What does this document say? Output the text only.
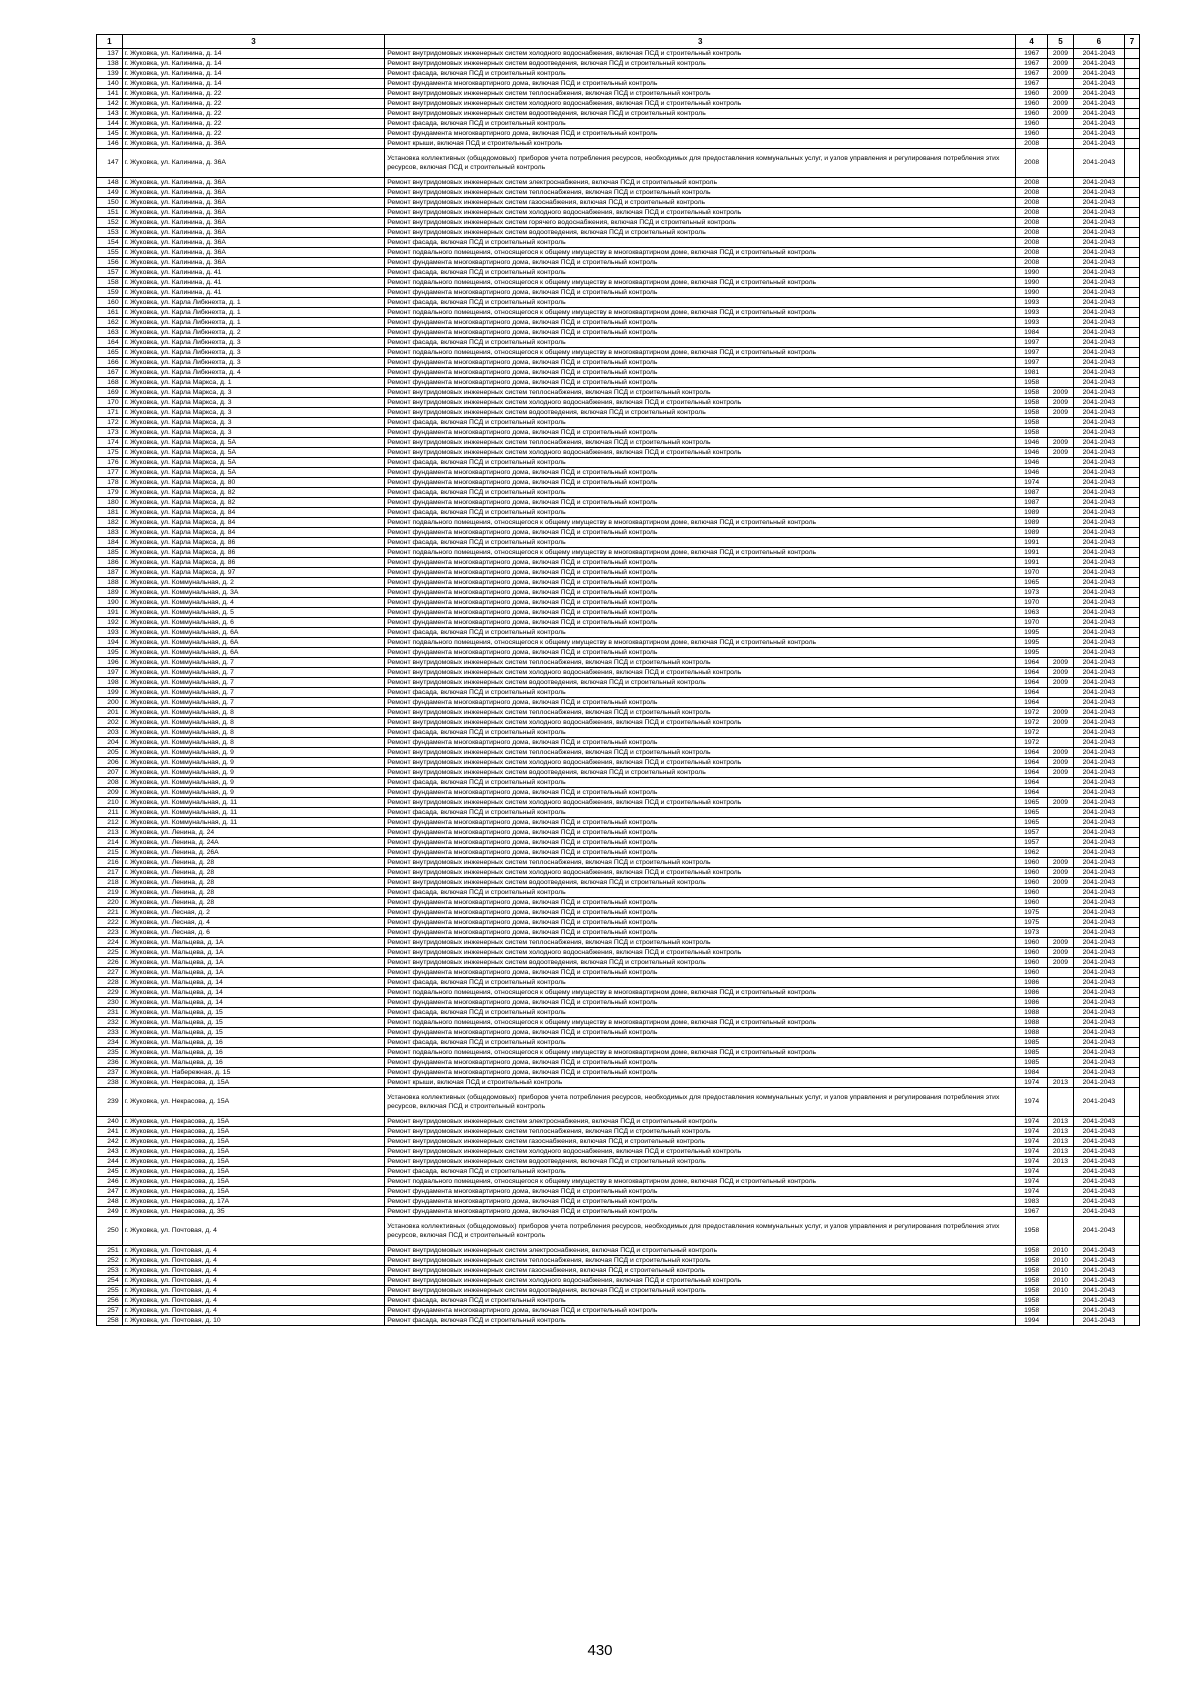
1	3	3	4	5	6	7
137	г. Жуковка, ул. Калинина, д. 14	Ремонт внутридомовых инженерных систем холодного водоснабжения, включая ПСД и строительный контроль	1967	2009	2041-2043	
138	г. Жуковка, ул. Калинина, д. 14	Ремонт внутридомовых инженерных систем водоотведения, включая ПСД и строительный контроль	1967	2009	2041-2043	
139	г. Жуковка, ул. Калинина, д. 14	Ремонт фасада, включая ПСД и строительный контроль	1967	2009	2041-2043	
140	г. Жуковка, ул. Калинина, д. 14	Ремонт фундамента многоквартирного дома, включая ПСД и строительный контроль	1967		2041-2043	
141	г. Жуковка, ул. Калинина, д. 22	Ремонт внутридомовых инженерных систем теплоснабжения, включая ПСД и строительный контроль	1960	2009	2041-2043	
142	г. Жуковка, ул. Калинина, д. 22	Ремонт внутридомовых инженерных систем холодного водоснабжения, включая ПСД и строительный контроль	1960	2009	2041-2043	
143	г. Жуковка, ул. Калинина, д. 22	Ремонт внутридомовых инженерных систем водоотведения, включая ПСД и строительный контроль	1960	2009	2041-2043	
144	г. Жуковка, ул. Калинина, д. 22	Ремонт фасада, включая ПСД и строительный контроль	1960		2041-2043	
145	г. Жуковка, ул. Калинина, д. 22	Ремонт фундамента многоквартирного дома, включая ПСД и строительный контроль	1960		2041-2043	
146	г. Жуковка, ул. Калинина, д. 36А	Ремонт крыши, включая ПСД и строительный контроль	2008		2041-2043	
147	г. Жуковка, ул. Калинина, д. 36А	Установка коллективных (общедомовых) приборов учета потребления ресурсов, необходимых для предоставления коммунальных услуг, и узлов управления и регулирования потребления этих ресурсов, включая ПСД и строительный контроль	2008		2041-2043	
148	г. Жуковка, ул. Калинина, д. 36А	Ремонт внутридомовых инженерных систем электроснабжения, включая ПСД и строительный контроль	2008		2041-2043	
149	г. Жуковка, ул. Калинина, д. 36А	Ремонт внутридомовых инженерных систем теплоснабжения, включая ПСД и строительный контроль	2008		2041-2043	
150	г. Жуковка, ул. Калинина, д. 36А	Ремонт внутридомовых инженерных систем газоснабжения, включая ПСД и строительный контроль	2008		2041-2043	
151	г. Жуковка, ул. Калинина, д. 36А	Ремонт внутридомовых инженерных систем холодного водоснабжения, включая ПСД и строительный контроль	2008		2041-2043	
152	г. Жуковка, ул. Калинина, д. 36А	Ремонт внутридомовых инженерных систем горячего водоснабжения, включая ПСД и строительный контроль	2008		2041-2043	
153	г. Жуковка, ул. Калинина, д. 36А	Ремонт внутридомовых инженерных систем водоотведения, включая ПСД и строительный контроль	2008		2041-2043	
154	г. Жуковка, ул. Калинина, д. 36А	Ремонт фасада, включая ПСД и строительный контроль	2008		2041-2043	
155	г. Жуковка, ул. Калинина, д. 36А	Ремонт подвального помещения, относящегося к общему имуществу в многоквартирном доме, включая ПСД и строительный контроль	2008		2041-2043	
156	г. Жуковка, ул. Калинина, д. 36А	Ремонт фундамента многоквартирного дома, включая ПСД и строительный контроль	2008		2041-2043	
157	г. Жуковка, ул. Калинина, д. 41	Ремонт фасада, включая ПСД и строительный контроль	1990		2041-2043	
158	г. Жуковка, ул. Калинина, д. 41	Ремонт подвального помещения, относящегося к общему имуществу в многоквартирном доме, включая ПСД и строительный контроль	1990		2041-2043	
159	г. Жуковка, ул. Калинина, д. 41	Ремонт фундамента многоквартирного дома, включая ПСД и строительный контроль	1990		2041-2043	
160	г. Жуковка, ул. Карла Либкнехта, д. 1	Ремонт фасада, включая ПСД и строительный контроль	1993		2041-2043	
161	г. Жуковка, ул. Карла Либкнехта, д. 1	Ремонт подвального помещения, относящегося к общему имуществу в многоквартирном доме, включая ПСД и строительный контроль	1993		2041-2043	
162	г. Жуковка, ул. Карла Либкнехта, д. 1	Ремонт фундамента многоквартирного дома, включая ПСД и строительный контроль	1993		2041-2043	
163	г. Жуковка, ул. Карла Либкнехта, д. 2	Ремонт фундамента многоквартирного дома, включая ПСД и строительный контроль	1984		2041-2043	
164	г. Жуковка, ул. Карла Либкнехта, д. 3	Ремонт фасада, включая ПСД и строительный контроль	1997		2041-2043	
165	г. Жуковка, ул. Карла Либкнехта, д. 3	Ремонт подвального помещения, относящегося к общему имуществу в многоквартирном доме, включая ПСД и строительный контроль	1997		2041-2043	
166	г. Жуковка, ул. Карла Либкнехта, д. 3	Ремонт фундамента многоквартирного дома, включая ПСД и строительный контроль	1997		2041-2043	
167	г. Жуковка, ул. Карла Либкнехта, д. 4	Ремонт фундамента многоквартирного дома, включая ПСД и строительный контроль	1981		2041-2043	
168	г. Жуковка, ул. Карла Маркса, д. 1	Ремонт фундамента многоквартирного дома, включая ПСД и строительный контроль	1958		2041-2043	
169	г. Жуковка, ул. Карла Маркса, д. 3	Ремонт внутридомовых инженерных систем теплоснабжения, включая ПСД и строительный контроль	1958	2009	2041-2043	
170	г. Жуковка, ул. Карла Маркса, д. 3	Ремонт внутридомовых инженерных систем холодного водоснабжения, включая ПСД и строительный контроль	1958	2009	2041-2043	
171	г. Жуковка, ул. Карла Маркса, д. 3	Ремонт внутридомовых инженерных систем водоотведения, включая ПСД и строительный контроль	1958	2009	2041-2043	
172	г. Жуковка, ул. Карла Маркса, д. 3	Ремонт фасада, включая ПСД и строительный контроль	1958		2041-2043	
173	г. Жуковка, ул. Карла Маркса, д. 3	Ремонт фундамента многоквартирного дома, включая ПСД и строительный контроль	1958		2041-2043	
174	г. Жуковка, ул. Карла Маркса, д. 5А	Ремонт внутридомовых инженерных систем теплоснабжения, включая ПСД и строительный контроль	1946	2009	2041-2043	
175	г. Жуковка, ул. Карла Маркса, д. 5А	Ремонт внутридомовых инженерных систем холодного водоснабжения, включая ПСД и строительный контроль	1946	2009	2041-2043	
176	г. Жуковка, ул. Карла Маркса, д. 5А	Ремонт фасада, включая ПСД и строительный контроль	1946		2041-2043	
177	г. Жуковка, ул. Карла Маркса, д. 5А	Ремонт фундамента многоквартирного дома, включая ПСД и строительный контроль	1946		2041-2043	
178	г. Жуковка, ул. Карла Маркса, д. 80	Ремонт фундамента многоквартирного дома, включая ПСД и строительный контроль	1974		2041-2043	
179	г. Жуковка, ул. Карла Маркса, д. 82	Ремонт фасада, включая ПСД и строительный контроль	1987		2041-2043	
180	г. Жуковка, ул. Карла Маркса, д. 82	Ремонт фундамента многоквартирного дома, включая ПСД и строительный контроль	1987		2041-2043	
181	г. Жуковка, ул. Карла Маркса, д. 84	Ремонт фасада, включая ПСД и строительный контроль	1989		2041-2043	
182	г. Жуковка, ул. Карла Маркса, д. 84	Ремонт подвального помещения, относящегося к общему имуществу в многоквартирном доме, включая ПСД и строительный контроль	1989		2041-2043	
183	г. Жуковка, ул. Карла Маркса, д. 84	Ремонт фундамента многоквартирного дома, включая ПСД и строительный контроль	1989		2041-2043	
184	г. Жуковка, ул. Карла Маркса, д. 86	Ремонт фасада, включая ПСД и строительный контроль	1991		2041-2043	
185	г. Жуковка, ул. Карла Маркса, д. 86	Ремонт подвального помещения, относящегося к общему имуществу в многоквартирном доме, включая ПСД и строительный контроль	1991		2041-2043	
186	г. Жуковка, ул. Карла Маркса, д. 86	Ремонт фундамента многоквартирного дома, включая ПСД и строительный контроль	1991		2041-2043	
187	г. Жуковка, ул. Карла Маркса, д. 97	Ремонт фундамента многоквартирного дома, включая ПСД и строительный контроль	1970		2041-2043	
188	г. Жуковка, ул. Коммунальная, д. 2	Ремонт фундамента многоквартирного дома, включая ПСД и строительный контроль	1965		2041-2043	
189	г. Жуковка, ул. Коммунальная, д. 3А	Ремонт фундамента многоквартирного дома, включая ПСД и строительный контроль	1973		2041-2043	
190	г. Жуковка, ул. Коммунальная, д. 4	Ремонт фундамента многоквартирного дома, включая ПСД и строительный контроль	1970		2041-2043	
191	г. Жуковка, ул. Коммунальная, д. 5	Ремонт фундамента многоквартирного дома, включая ПСД и строительный контроль	1963		2041-2043	
192	г. Жуковка, ул. Коммунальная, д. 6	Ремонт фундамента многоквартирного дома, включая ПСД и строительный контроль	1970		2041-2043	
193	г. Жуковка, ул. Коммунальная, д. 6А	Ремонт фасада, включая ПСД и строительный контроль	1995		2041-2043	
194	г. Жуковка, ул. Коммунальная, д. 6А	Ремонт подвального помещения, относящегося к общему имуществу в многоквартирном доме, включая ПСД и строительный контроль	1995		2041-2043	
195	г. Жуковка, ул. Коммунальная, д. 6А	Ремонт фундамента многоквартирного дома, включая ПСД и строительный контроль	1995		2041-2043	
196	г. Жуковка, ул. Коммунальная, д. 7	Ремонт внутридомовых инженерных систем теплоснабжения, включая ПСД и строительный контроль	1964	2009	2041-2043	
197	г. Жуковка, ул. Коммунальная, д. 7	Ремонт внутридомовых инженерных систем холодного водоснабжения, включая ПСД и строительный контроль	1964	2009	2041-2043	
198	г. Жуковка, ул. Коммунальная, д. 7	Ремонт внутридомовых инженерных систем водоотведения, включая ПСД и строительный контроль	1964	2009	2041-2043	
199	г. Жуковка, ул. Коммунальная, д. 7	Ремонт фасада, включая ПСД и строительный контроль	1964		2041-2043	
200	г. Жуковка, ул. Коммунальная, д. 7	Ремонт фундамента многоквартирного дома, включая ПСД и строительный контроль	1964		2041-2043	
201	г. Жуковка, ул. Коммунальная, д. 8	Ремонт внутридомовых инженерных систем теплоснабжения, включая ПСД и строительный контроль	1972	2009	2041-2043	
202	г. Жуковка, ул. Коммунальная, д. 8	Ремонт внутридомовых инженерных систем холодного водоснабжения, включая ПСД и строительный контроль	1972	2009	2041-2043	
203	г. Жуковка, ул. Коммунальная, д. 8	Ремонт фасада, включая ПСД и строительный контроль	1972		2041-2043	
204	г. Жуковка, ул. Коммунальная, д. 8	Ремонт фундамента многоквартирного дома, включая ПСД и строительный контроль	1972		2041-2043	
205	г. Жуковка, ул. Коммунальная, д. 9	Ремонт внутридомовых инженерных систем теплоснабжения, включая ПСД и строительный контроль	1964	2009	2041-2043	
206	г. Жуковка, ул. Коммунальная, д. 9	Ремонт внутридомовых инженерных систем холодного водоснабжения, включая ПСД и строительный контроль	1964	2009	2041-2043	
207	г. Жуковка, ул. Коммунальная, д. 9	Ремонт внутридомовых инженерных систем водоотведения, включая ПСД и строительный контроль	1964	2009	2041-2043	
208	г. Жуковка, ул. Коммунальная, д. 9	Ремонт фасада, включая ПСД и строительный контроль	1964		2041-2043	
209	г. Жуковка, ул. Коммунальная, д. 9	Ремонт фундамента многоквартирного дома, включая ПСД и строительный контроль	1964		2041-2043	
210	г. Жуковка, ул. Коммунальная, д. 11	Ремонт внутридомовых инженерных систем холодного водоснабжения, включая ПСД и строительный контроль	1965	2009	2041-2043	
211	г. Жуковка, ул. Коммунальная, д. 11	Ремонт фасада, включая ПСД и строительный контроль	1965		2041-2043	
212	г. Жуковка, ул. Коммунальная, д. 11	Ремонт фундамента многоквартирного дома, включая ПСД и строительный контроль	1965		2041-2043	
213	г. Жуковка, ул. Ленина, д. 24	Ремонт фундамента многоквартирного дома, включая ПСД и строительный контроль	1957		2041-2043	
214	г. Жуковка, ул. Ленина, д. 24А	Ремонт фундамента многоквартирного дома, включая ПСД и строительный контроль	1957		2041-2043	
215	г. Жуковка, ул. Ленина, д. 26А	Ремонт фундамента многоквартирного дома, включая ПСД и строительный контроль	1962		2041-2043	
216	г. Жуковка, ул. Ленина, д. 28	Ремонт внутридомовых инженерных систем теплоснабжения, включая ПСД и строительный контроль	1960	2009	2041-2043	
217	г. Жуковка, ул. Ленина, д. 28	Ремонт внутридомовых инженерных систем холодного водоснабжения, включая ПСД и строительный контроль	1960	2009	2041-2043	
218	г. Жуковка, ул. Ленина, д. 28	Ремонт внутридомовых инженерных систем водоотведения, включая ПСД и строительный контроль	1960	2009	2041-2043	
219	г. Жуковка, ул. Ленина, д. 28	Ремонт фасада, включая ПСД и строительный контроль	1960		2041-2043	
220	г. Жуковка, ул. Ленина, д. 28	Ремонт фундамента многоквартирного дома, включая ПСД и строительный контроль	1960		2041-2043	
221	г. Жуковка, ул. Лесная, д. 2	Ремонт фундамента многоквартирного дома, включая ПСД и строительный контроль	1975		2041-2043	
222	г. Жуковка, ул. Лесная, д. 4	Ремонт фундамента многоквартирного дома, включая ПСД и строительный контроль	1975		2041-2043	
223	г. Жуковка, ул. Лесная, д. 6	Ремонт фундамента многоквартирного дома, включая ПСД и строительный контроль	1973		2041-2043	
224	г. Жуковка, ул. Мальцева, д. 1А	Ремонт внутридомовых инженерных систем теплоснабжения, включая ПСД и строительный контроль	1960	2009	2041-2043	
225	г. Жуковка, ул. Мальцева, д. 1А	Ремонт внутридомовых инженерных систем холодного водоснабжения, включая ПСД и строительный контроль	1960	2009	2041-2043	
226	г. Жуковка, ул. Мальцева, д. 1А	Ремонт внутридомовых инженерных систем водоотведения, включая ПСД и строительный контроль	1960	2009	2041-2043	
227	г. Жуковка, ул. Мальцева, д. 1А	Ремонт фундамента многоквартирного дома, включая ПСД и строительный контроль	1960		2041-2043	
228	г. Жуковка, ул. Мальцева, д. 14	Ремонт фасада, включая ПСД и строительный контроль	1986		2041-2043	
229	г. Жуковка, ул. Мальцева, д. 14	Ремонт подвального помещения, относящегося к общему имуществу в многоквартирном доме, включая ПСД и строительный контроль	1986		2041-2043	
230	г. Жуковка, ул. Мальцева, д. 14	Ремонт фундамента многоквартирного дома, включая ПСД и строительный контроль	1986		2041-2043	
231	г. Жуковка, ул. Мальцева, д. 15	Ремонт фасада, включая ПСД и строительный контроль	1988		2041-2043	
232	г. Жуковка, ул. Мальцева, д. 15	Ремонт подвального помещения, относящегося к общему имуществу в многоквартирном доме, включая ПСД и строительный контроль	1988		2041-2043	
233	г. Жуковка, ул. Мальцева, д. 15	Ремонт фундамента многоквартирного дома, включая ПСД и строительный контроль	1988		2041-2043	
234	г. Жуковка, ул. Мальцева, д. 16	Ремонт фасада, включая ПСД и строительный контроль	1985		2041-2043	
235	г. Жуковка, ул. Мальцева, д. 16	Ремонт подвального помещения, относящегося к общему имуществу в многоквартирном доме, включая ПСД и строительный контроль	1985		2041-2043	
236	г. Жуковка, ул. Мальцева, д. 16	Ремонт фундамента многоквартирного дома, включая ПСД и строительный контроль	1985		2041-2043	
237	г. Жуковка, ул. Набережная, д. 15	Ремонт фундамента многоквартирного дома, включая ПСД и строительный контроль	1984		2041-2043	
238	г. Жуковка, ул. Некрасова, д. 15А	Ремонт крыши, включая ПСД и строительный контроль	1974	2013	2041-2043	
239	г. Жуковка, ул. Некрасова, д. 15А	Установка коллективных (общедомовых) приборов учета потребления ресурсов, необходимых для предоставления коммунальных услуг, и узлов управления и регулирования потребления этих ресурсов, включая ПСД и строительный контроль	1974		2041-2043	
240	г. Жуковка, ул. Некрасова, д. 15А	Ремонт внутридомовых инженерных систем электроснабжения, включая ПСД и строительный контроль	1974	2013	2041-2043	
241	г. Жуковка, ул. Некрасова, д. 15А	Ремонт внутридомовых инженерных систем теплоснабжения, включая ПСД и строительный контроль	1974	2013	2041-2043	
242	г. Жуковка, ул. Некрасова, д. 15А	Ремонт внутридомовых инженерных систем газоснабжения, включая ПСД и строительный контроль	1974	2013	2041-2043	
243	г. Жуковка, ул. Некрасова, д. 15А	Ремонт внутридомовых инженерных систем холодного водоснабжения, включая ПСД и строительный контроль	1974	2013	2041-2043	
244	г. Жуковка, ул. Некрасова, д. 15А	Ремонт внутридомовых инженерных систем водоотведения, включая ПСД и строительный контроль	1974	2013	2041-2043	
245	г. Жуковка, ул. Некрасова, д. 15А	Ремонт фасада, включая ПСД и строительный контроль	1974		2041-2043	
246	г. Жуковка, ул. Некрасова, д. 15А	Ремонт подвального помещения, относящегося к общему имуществу в многоквартирном доме, включая ПСД и строительный контроль	1974		2041-2043	
247	г. Жуковка, ул. Некрасова, д. 15А	Ремонт фундамента многоквартирного дома, включая ПСД и строительный контроль	1974		2041-2043	
248	г. Жуковка, ул. Некрасова, д. 17А	Ремонт фундамента многоквартирного дома, включая ПСД и строительный контроль	1983		2041-2043	
249	г. Жуковка, ул. Некрасова, д. 35	Ремонт фундамента многоквартирного дома, включая ПСД и строительный контроль	1967		2041-2043	
250	г. Жуковка, ул. Почтовая, д. 4	Установка коллективных (общедомовых) приборов учета потребления ресурсов, необходимых для предоставления коммунальных услуг, и узлов управления и регулирования потребления этих ресурсов, включая ПСД и строительный контроль	1958		2041-2043	
251	г. Жуковка, ул. Почтовая, д. 4	Ремонт внутридомовых инженерных систем электроснабжения, включая ПСД и строительный контроль	1958	2010	2041-2043	
252	г. Жуковка, ул. Почтовая, д. 4	Ремонт внутридомовых инженерных систем теплоснабжения, включая ПСД и строительный контроль	1958	2010	2041-2043	
253	г. Жуковка, ул. Почтовая, д. 4	Ремонт внутридомовых инженерных систем газоснабжения, включая ПСД и строительный контроль	1958	2010	2041-2043	
254	г. Жуковка, ул. Почтовая, д. 4	Ремонт внутридомовых инженерных систем холодного водоснабжения, включая ПСД и строительный контроль	1958	2010	2041-2043	
255	г. Жуковка, ул. Почтовая, д. 4	Ремонт внутридомовых инженерных систем водоотведения, включая ПСД и строительный контроль	1958	2010	2041-2043	
256	г. Жуковка, ул. Почтовая, д. 4	Ремонт фасада, включая ПСД и строительный контроль	1958		2041-2043	
257	г. Жуковка, ул. Почтовая, д. 4	Ремонт фундамента многоквартирного дома, включая ПСД и строительный контроль	1958		2041-2043	
258	г. Жуковка, ул. Почтовая, д. 10	Ремонт фасада, включая ПСД и строительный контроль	1994		2041-2043	
430
